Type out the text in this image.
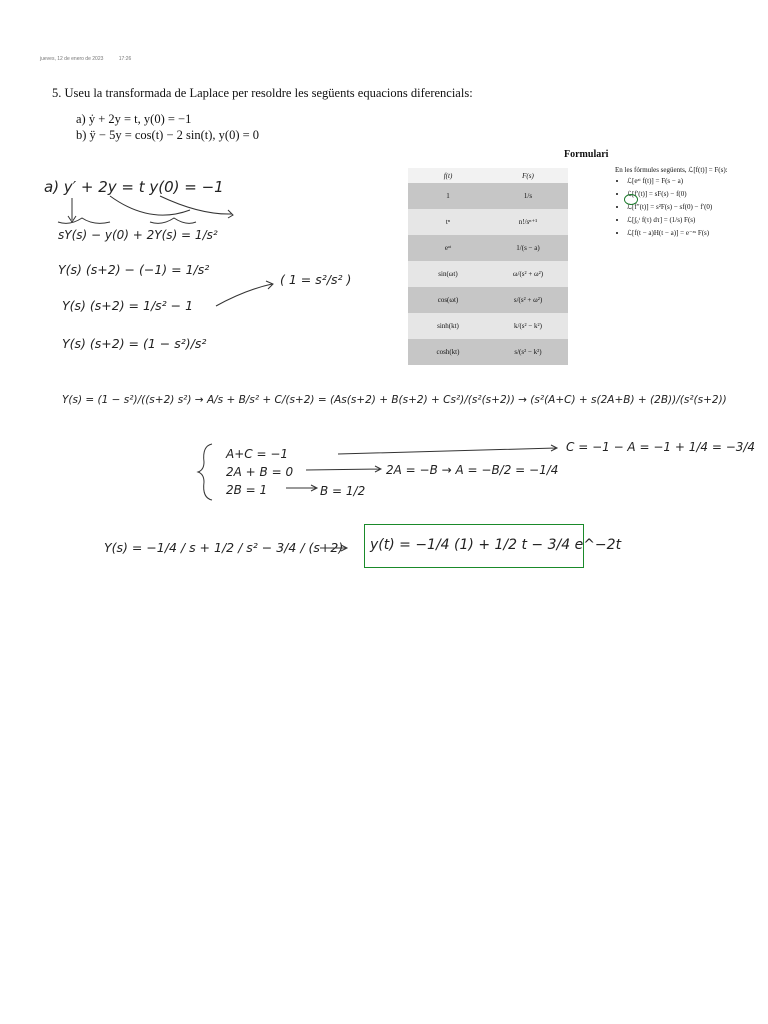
jueves, 12 de enero de 2023	17:26
5. Useu la transformada de Laplace per resoldre les següents equacions diferencials:
a) ẏ + 2y = t, y(0) = −1
b) ÿ − 5y = cos(t) − 2 sin(t), y(0) = 0
Formulari
f(t)	F(s)
1	1/s
tⁿ	n!/sⁿ⁺¹
eᵃᵗ	1/(s − a)
sin(ωt)	ω/(s² + ω²)
cos(ωt)	s/(s² + ω²)
sinh(kt)	k/(s² − k²)
cosh(kt)	s/(s² − k²)
En les fórmules següents, ℒ[f(t)] = F(s):
• ℒ[eᵃᵗ f(t)] = F(s − a)
• ℒ[f′(t)] = sF(s) − f(0)
• ℒ[f″(t)] = s²F(s) − sf(0) − f′(0)
• ℒ[∫₀ᵗ f(τ) dτ] = (1/s) F(s)
• ℒ[f(t − a)H(t − a)] = e⁻ᵃˢ F(s)
a) y′ + 2y = t y(0) = −1
sY(s) − y(0) + 2Y(s) = 1/s²
Y(s) (s+2) − (−1) = 1/s²
( 1 = s²/s² )
Y(s) (s+2) = 1/s² − 1
Y(s) (s+2) = (1 − s²)/s²
Y(s) = (1 − s²)/((s+2) s²) → A/s + B/s² + C/(s+2) = (As(s+2) + B(s+2) + Cs²)/(s²(s+2)) → (s²(A+C) + s(2A+B) + (2B))/(s²(s+2))
A+C = −1
2A + B = 0
2B = 1
C = −1 − A = −1 + 1/4 = −3/4
2A = −B → A = −B/2 = −1/4
B = 1/2
Y(s) = −1/4 / s + 1/2 / s² − 3/4 / (s+2) y(t) = −1/4 (1) + 1/2 t − 3/4 e^−2t
